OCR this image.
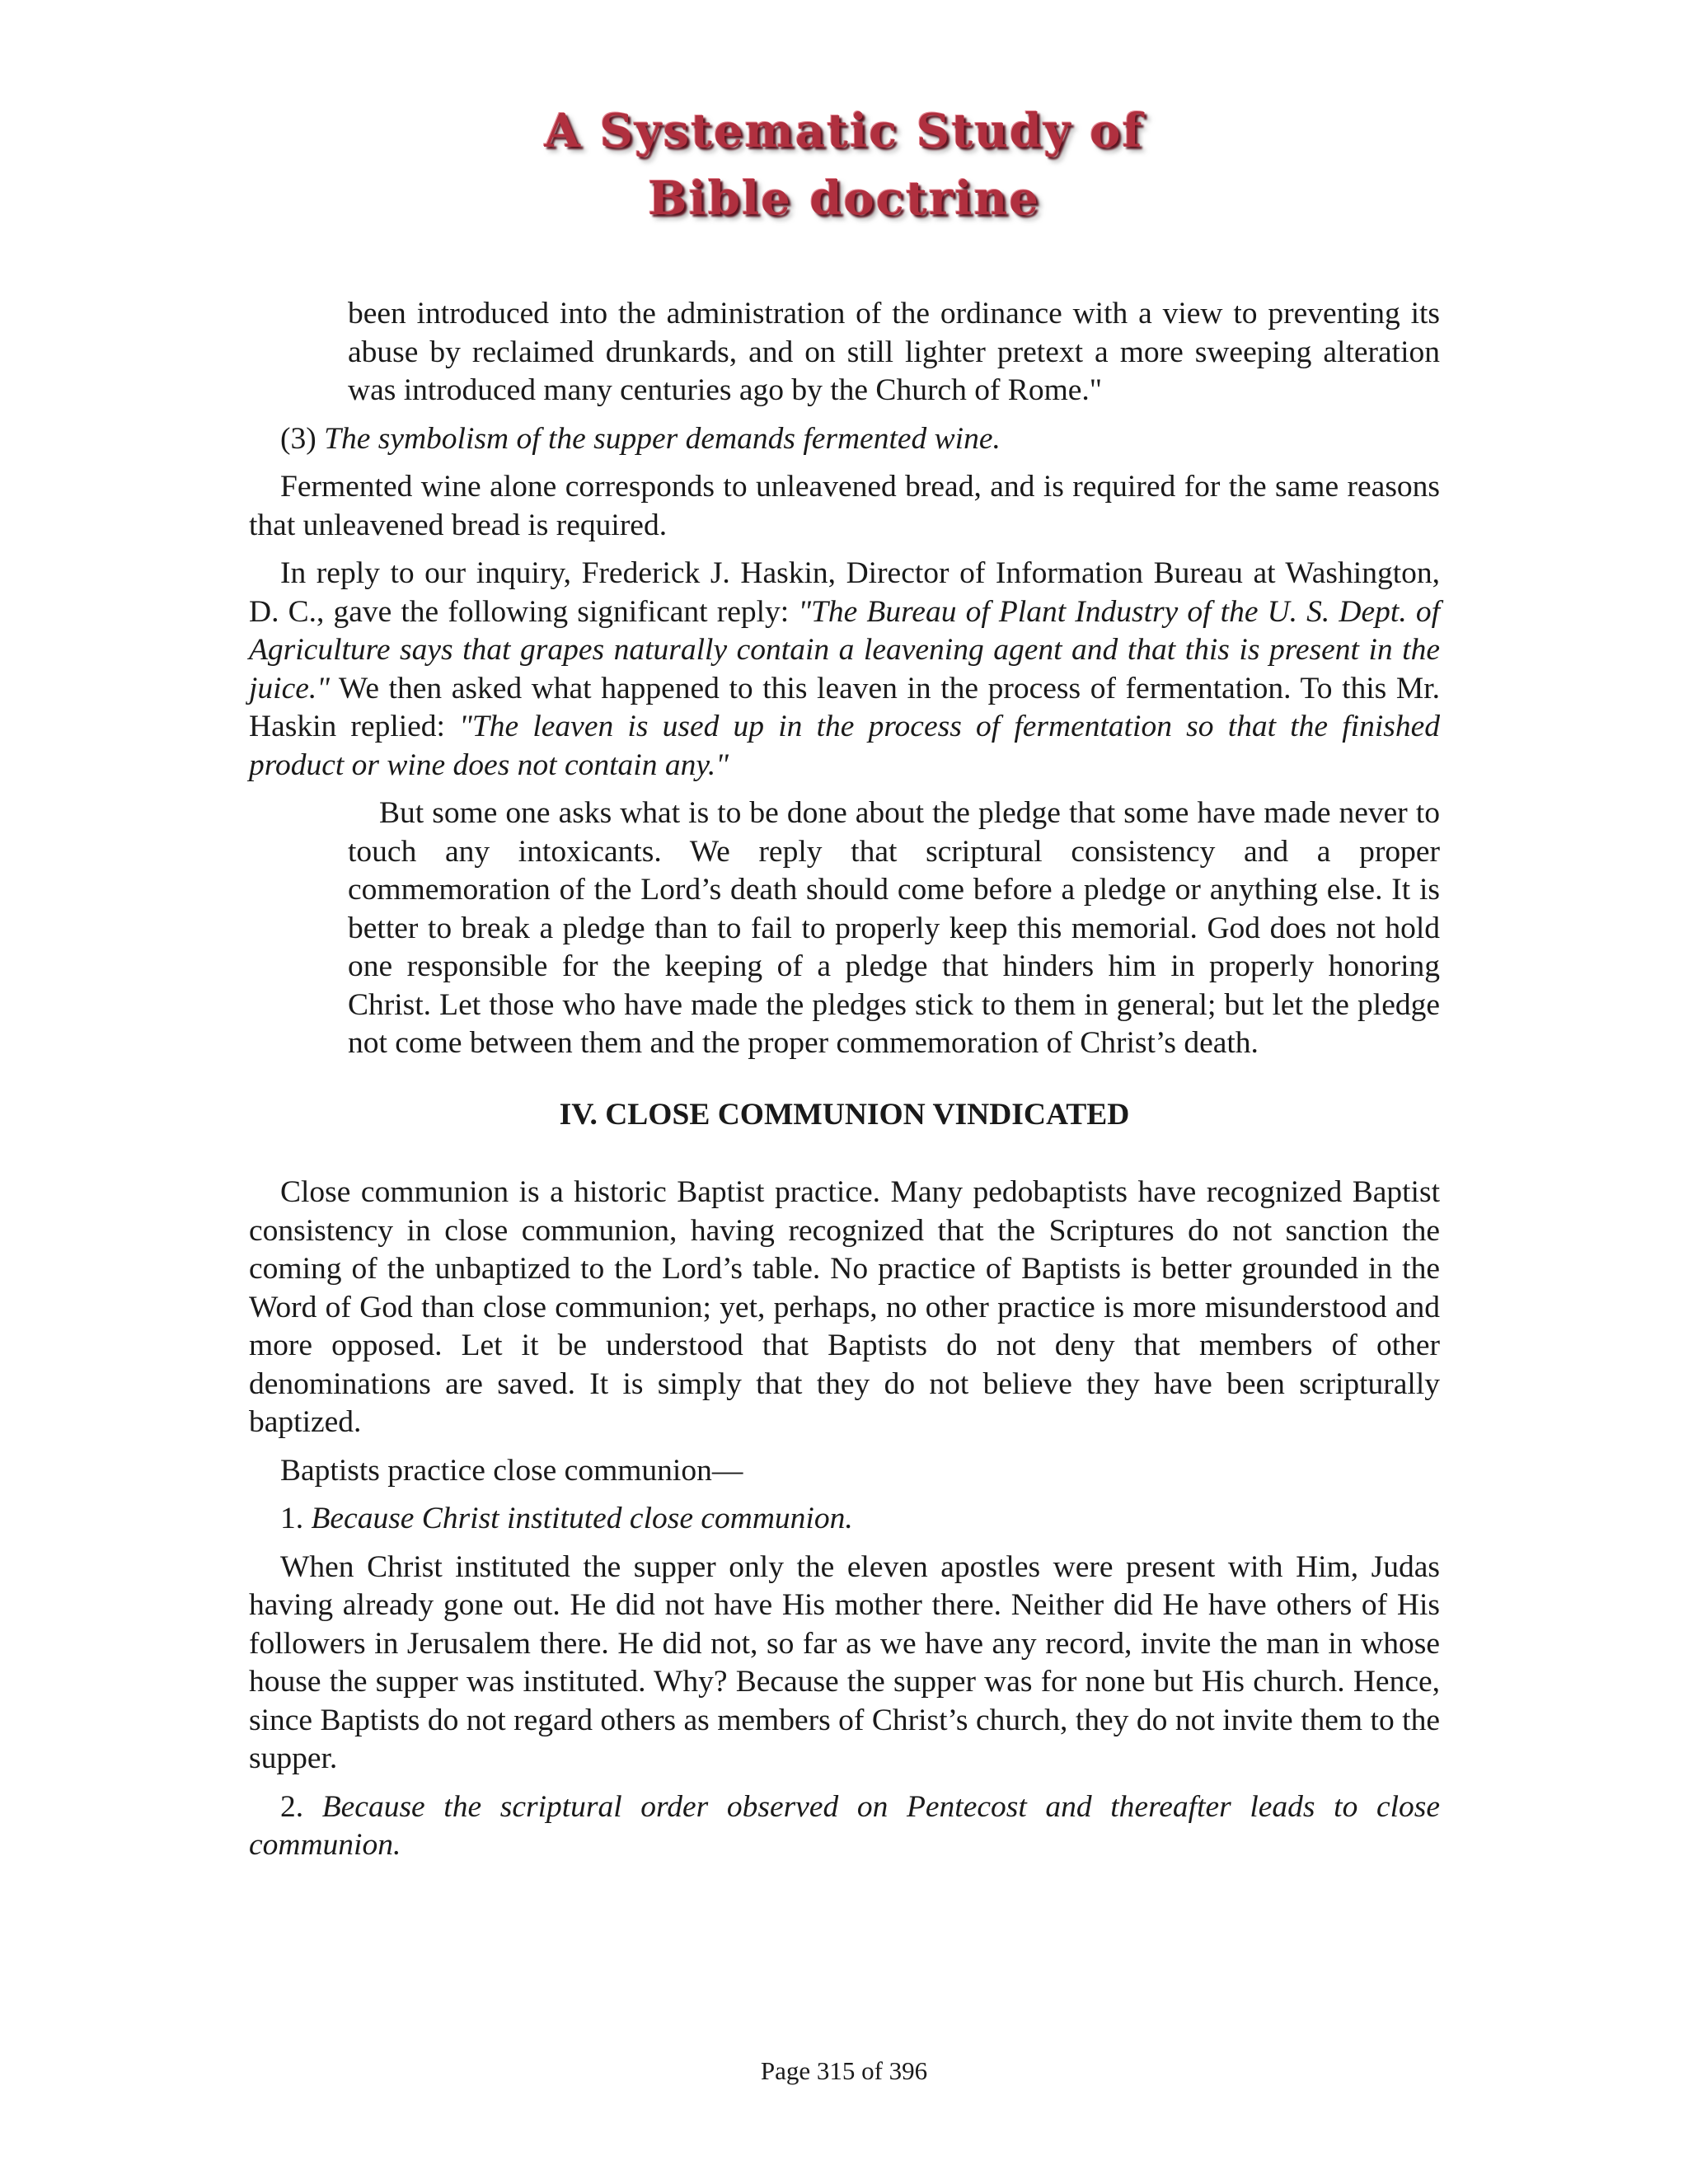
A Systematic Study of
Bible doctrine

been introduced into the administration of the ordinance with a view to preventing its abuse by reclaimed drunkards, and on still lighter pretext a more sweeping alteration was introduced many centuries ago by the Church of Rome."

(3) The symbolism of the supper demands fermented wine.

Fermented wine alone corresponds to unleavened bread, and is required for the same reasons that unleavened bread is required.

In reply to our inquiry, Frederick J. Haskin, Director of Information Bureau at Washington, D. C., gave the following significant reply: "The Bureau of Plant Industry of the U. S. Dept. of Agriculture says that grapes naturally contain a leavening agent and that this is present in the juice." We then asked what happened to this leaven in the process of fermentation. To this Mr. Haskin replied: "The leaven is used up in the process of fermentation so that the finished product or wine does not contain any."

But some one asks what is to be done about the pledge that some have made never to touch any intoxicants. We reply that scriptural consistency and a proper commemoration of the Lord’s death should come before a pledge or anything else. It is better to break a pledge than to fail to properly keep this memorial. God does not hold one responsible for the keeping of a pledge that hinders him in properly honoring Christ. Let those who have made the pledges stick to them in general; but let the pledge not come between them and the proper commemoration of Christ’s death.

IV. CLOSE COMMUNION VINDICATED

Close communion is a historic Baptist practice. Many pedobaptists have recognized Baptist consistency in close communion, having recognized that the Scriptures do not sanction the coming of the unbaptized to the Lord’s table. No practice of Baptists is better grounded in the Word of God than close communion; yet, perhaps, no other practice is more misunderstood and more opposed. Let it be understood that Baptists do not deny that members of other denominations are saved. It is simply that they do not believe they have been scripturally baptized.

Baptists practice close communion—

1. Because Christ instituted close communion.

When Christ instituted the supper only the eleven apostles were present with Him, Judas having already gone out. He did not have His mother there. Neither did He have others of His followers in Jerusalem there. He did not, so far as we have any record, invite the man in whose house the supper was instituted. Why? Because the supper was for none but His church. Hence, since Baptists do not regard others as members of Christ’s church, they do not invite them to the supper.

2. Because the scriptural order observed on Pentecost and thereafter leads to close communion.

Page 315 of 396
